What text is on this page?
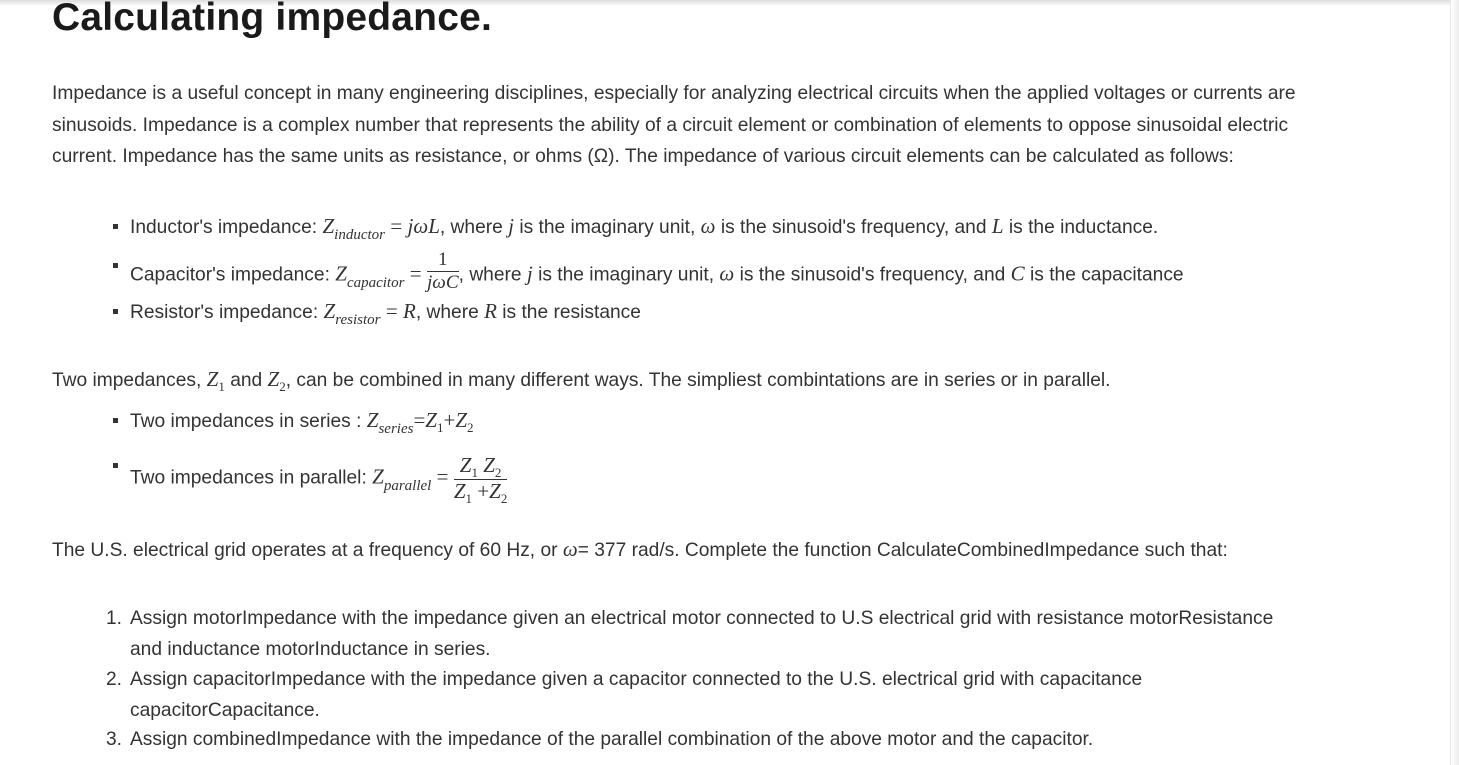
Calculating impedance.

Impedance is a useful concept in many engineering disciplines, especially for analyzing electrical circuits when the applied voltages or currents are sinusoids. Impedance is a complex number that represents the ability of a circuit element or combination of elements to oppose sinusoidal electric current. Impedance has the same units as resistance, or ohms (Ω). The impedance of various circuit elements can be calculated as follows:

Inductor's impedance: $Z_{inductor} = j\omega L$, where j is the imaginary unit, ω is the sinusoid's frequency, and L is the inductance.
Capacitor's impedance: $Z_{capacitor} = \frac{1}{\text{jωC}}$ , where j is the imaginary unit, ω is the sinusoid's frequency, and C is the capacitance
Resistor's impedance: $Z_{resistor} = R$, where R is the resistance

Two impedances, $Z_1$ and $Z_2$, can be combined in many different ways. The simpliest combintations are in series or in parallel.

Two impedances in series : $Z_{series}=Z_1+Z_2$
Two impedances in parallel: $Z_{parallel} = \frac{Z_1 Z_2}{Z_1 +Z_2}$

The U.S. electrical grid operates at a frequency of 60 Hz, or ω= 377 rad/s. Complete the function CalculateCombinedImpedance such that:

1. Assign motorImpedance with the impedance given an electrical motor connected to U.S electrical grid with resistance motorResistance and inductance motorInductance in series.
2. Assign capacitorImpedance with the impedance given a capacitor connected to the U.S. electrical grid with capacitance capacitorCapacitance.
3. Assign combinedImpedance with the impedance of the parallel combination of the above motor and the capacitor.
